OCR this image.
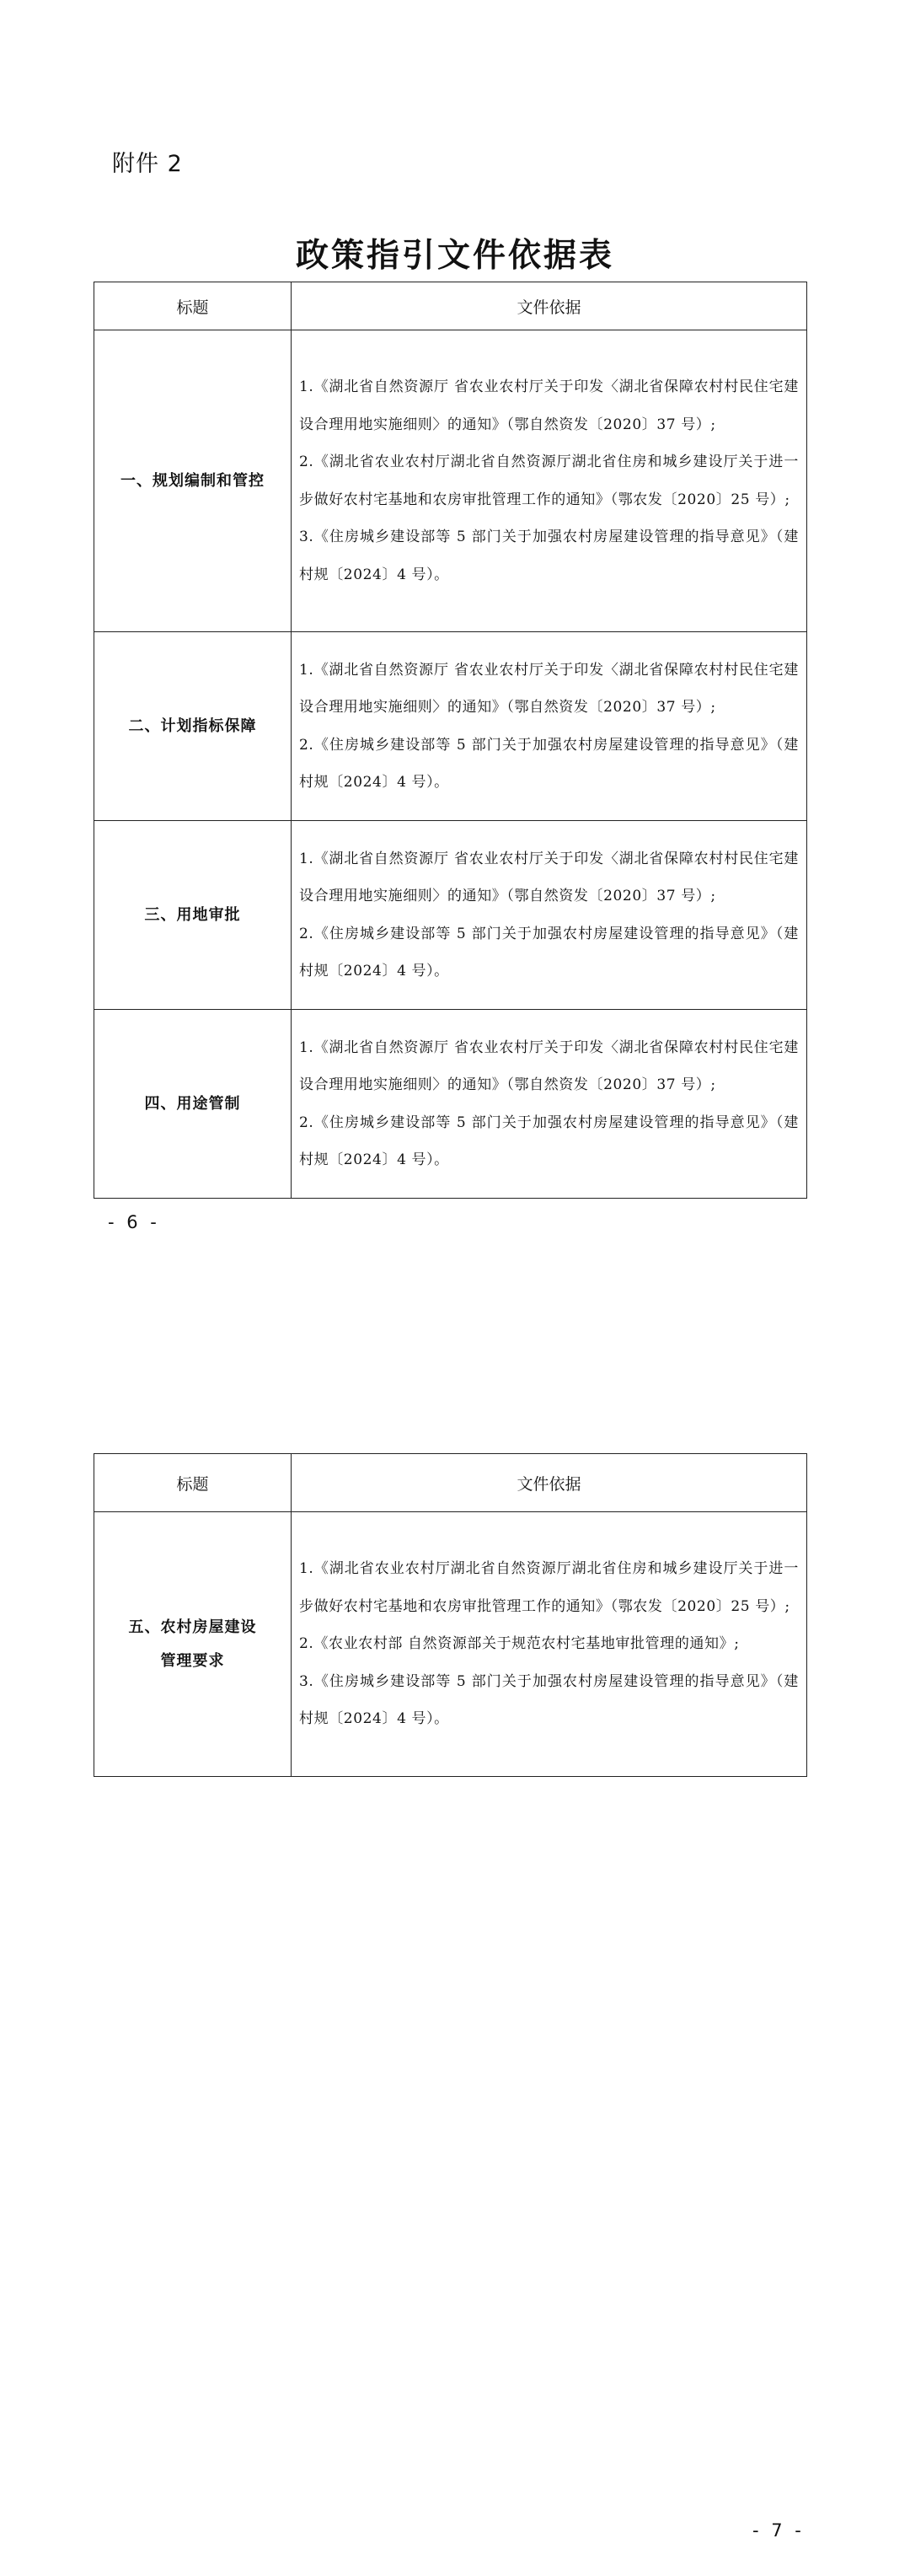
附件 2
政策指引文件依据表
标题	文件依据
一、规划编制和管控	1.《湖北省自然资源厅 省农业农村厅关于印发〈湖北省保障农村村民住宅建设合理用地实施细则〉的通知》（鄂自然资发〔2020〕37 号）;
2.《湖北省农业农村厅湖北省自然资源厅湖北省住房和城乡建设厅关于进一步做好农村宅基地和农房审批管理工作的通知》（鄂农发〔2020〕25 号）;
3.《住房城乡建设部等 5 部门关于加强农村房屋建设管理的指导意见》（建村规〔2024〕4 号）。

二、计划指标保障	1.《湖北省自然资源厅 省农业农村厅关于印发〈湖北省保障农村村民住宅建设合理用地实施细则〉的通知》（鄂自然资发〔2020〕37 号）;
2.《住房城乡建设部等 5 部门关于加强农村房屋建设管理的指导意见》（建村规〔2024〕4 号）。

三、用地审批	1.《湖北省自然资源厅 省农业农村厅关于印发〈湖北省保障农村村民住宅建设合理用地实施细则〉的通知》（鄂自然资发〔2020〕37 号）;
2.《住房城乡建设部等 5 部门关于加强农村房屋建设管理的指导意见》（建村规〔2024〕4 号）。

四、用途管制	1.《湖北省自然资源厅 省农业农村厅关于印发〈湖北省保障农村村民住宅建设合理用地实施细则〉的通知》（鄂自然资发〔2020〕37 号）;
2.《住房城乡建设部等 5 部门关于加强农村房屋建设管理的指导意见》（建村规〔2024〕4 号）。
- 6 -
标题	文件依据

五、农村房屋建设
管理要求	1.《湖北省农业农村厅湖北省自然资源厅湖北省住房和城乡建设厅关于进一步做好农村宅基地和农房审批管理工作的通知》（鄂农发〔2020〕25 号）;
2.《农业农村部 自然资源部关于规范农村宅基地审批管理的通知》;
3.《住房城乡建设部等 5 部门关于加强农村房屋建设管理的指导意见》（建村规〔2024〕4 号）。
- 7 -
